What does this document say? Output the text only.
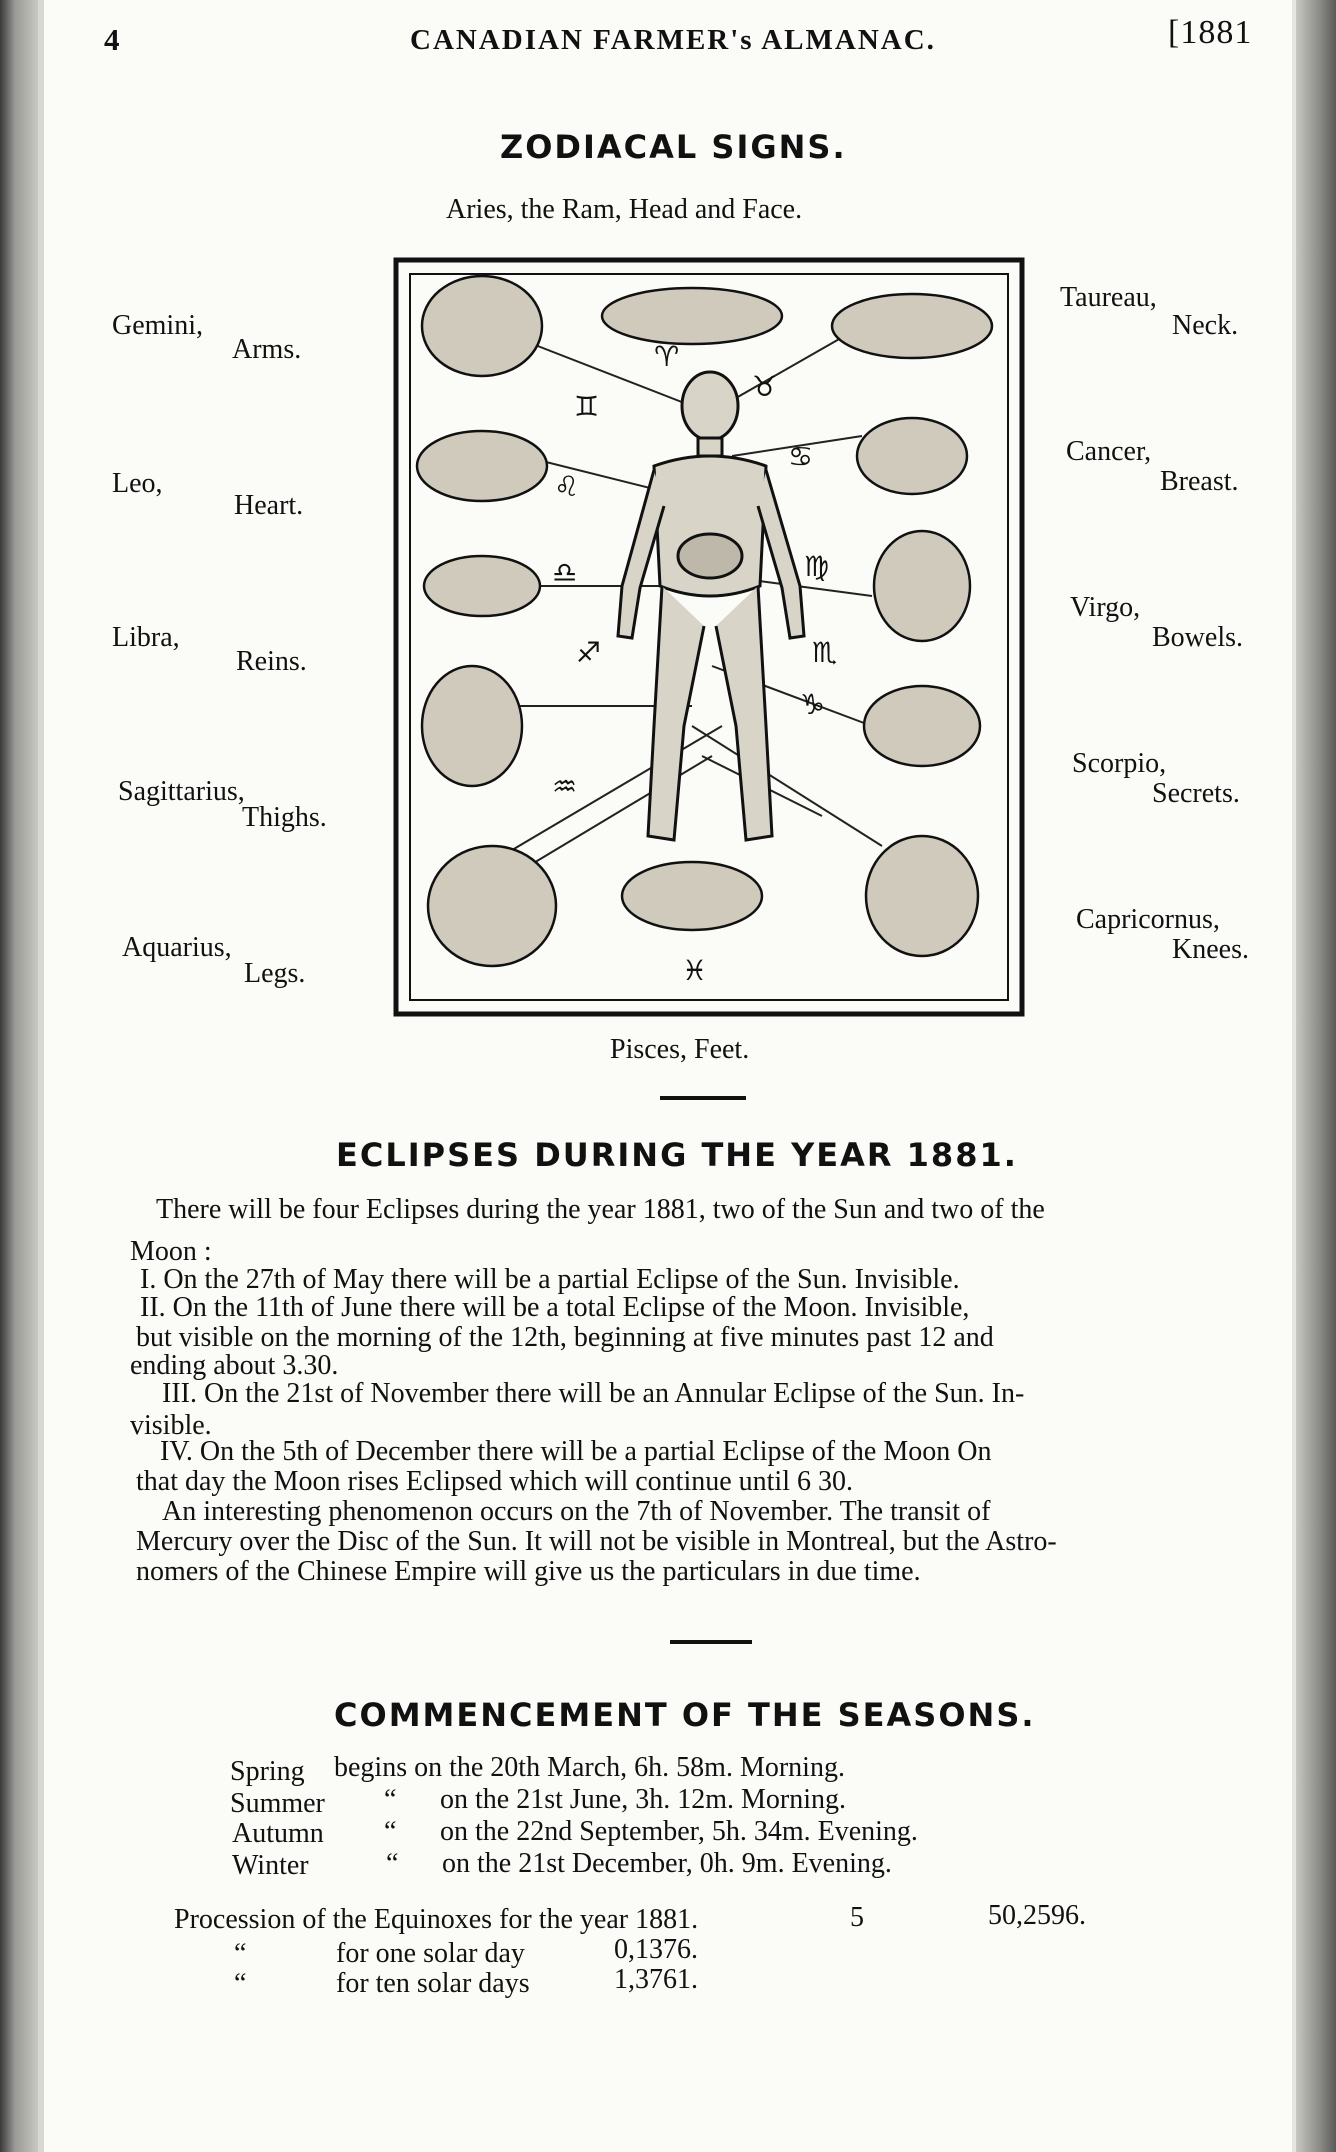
4	CANADIAN FARMER's ALMANAC.	[1881
ZODIACAL SIGNS.
Aries, the Ram, Head and Face.
Gemini,
Arms.
Leo,
Heart.
Libra,
Reins.
Sagittarius,
Thighs.
Aquarius,
Legs.
Taureau,
Neck.
Cancer,
Breast.
Virgo,
Bowels.
Scorpio,
Secrets.
Capricornus,
Knees.
♈
♉
♊
♋
♌
♍
♎
♏
♐
♑
♒
♓
Pisces, Feet.
ECLIPSES DURING THE YEAR 1881.
There will be four Eclipses during the year 1881, two of the Sun and two of the
Moon :
I. On the 27th of May there will be a partial Eclipse of the Sun. Invisible.
II. On the 11th of June there will be a total Eclipse of the Moon. Invisible,
but visible on the morning of the 12th, beginning at five minutes past 12 and
ending about 3.30.
III. On the 21st of November there will be an Annular Eclipse of the Sun. In-
visible.
IV. On the 5th of December there will be a partial Eclipse of the Moon On
that day the Moon rises Eclipsed which will continue until 6 30.
An interesting phenomenon occurs on the 7th of November. The transit of
Mercury over the Disc of the Sun. It will not be visible in Montreal, but the Astro-
nomers of the Chinese Empire will give us the particulars in due time.
COMMENCEMENT OF THE SEASONS.
Spring begins on the 20th March, 6h. 58m. Morning.
Summer “ on the 21st June, 3h. 12m. Morning.
Autumn “ on the 22nd September, 5h. 34m. Evening.
Winter	“ on the 21st December, 0h. 9m. Evening.
Procession of the Equinoxes for the year 1881.	5	50,2596.
“	for one solar day	0,1376.
“	for ten solar days	1,3761.
